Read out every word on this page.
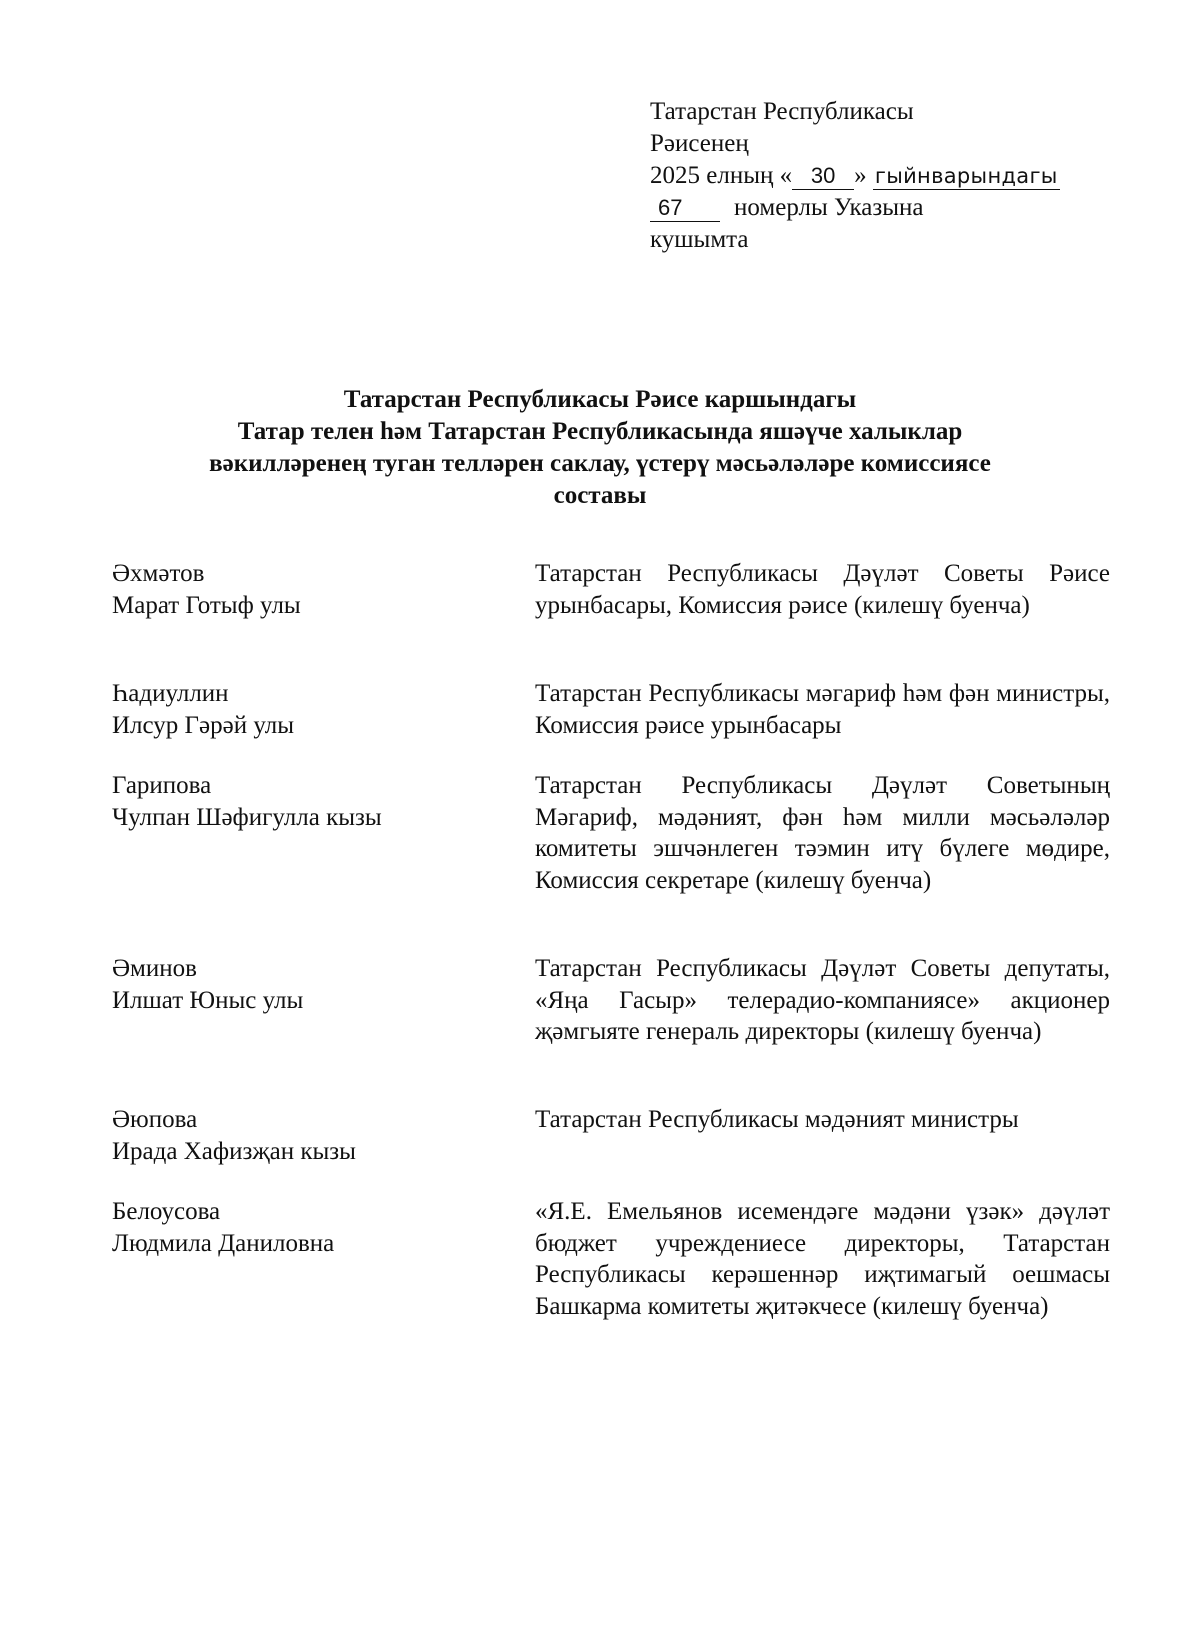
Татарстан Республикасы
Рәисенең
2025 елның « 30 » гыйнварындагы
67 номерлы Указына
кушымта
Татарстан Республикасы Рәисе каршындагы
Татар телен һәм Татарстан Республикасында яшәүче халыклар
вәкилләренең туган телләрен саклау, үстерү мәсьәләләре комиссиясе
составы
Әхмәтов
Марат Готыф улы
Татарстан Республикасы Дәүләт Советы Рәисе урынбасары, Комиссия рәисе (килешү буенча)
Һадиуллин
Илсур Гәрәй улы
Татарстан Республикасы мәгариф һәм фән министры, Комиссия рәисе урынбасары
Гарипова
Чулпан Шәфигулла кызы
Татарстан Республикасы Дәүләт Советының Мәгариф, мәдәният, фән һәм милли мәсьәләләр комитеты эшчәнлеген тәэмин итү бүлеге мөдире, Комиссия секретаре (килешү буенча)
Әминов
Илшат Юныс улы
Татарстан Республикасы Дәүләт Советы депутаты, «Яңа Гасыр» телерадио-компаниясе» акционер җәмгыяте генераль директоры (килешү буенча)
Әюпова
Ирада Хафизҗан кызы
Татарстан Республикасы мәдәният министры
Белоусова
Людмила Даниловна
«Я.Е. Емельянов исемендәге мәдәни үзәк» дәүләт бюджет учреждениесе директоры, Татарстан Республикасы керәшеннәр иҗтимагый оешмасы Башкарма комитеты җитәкчесе (килешү буенча)
